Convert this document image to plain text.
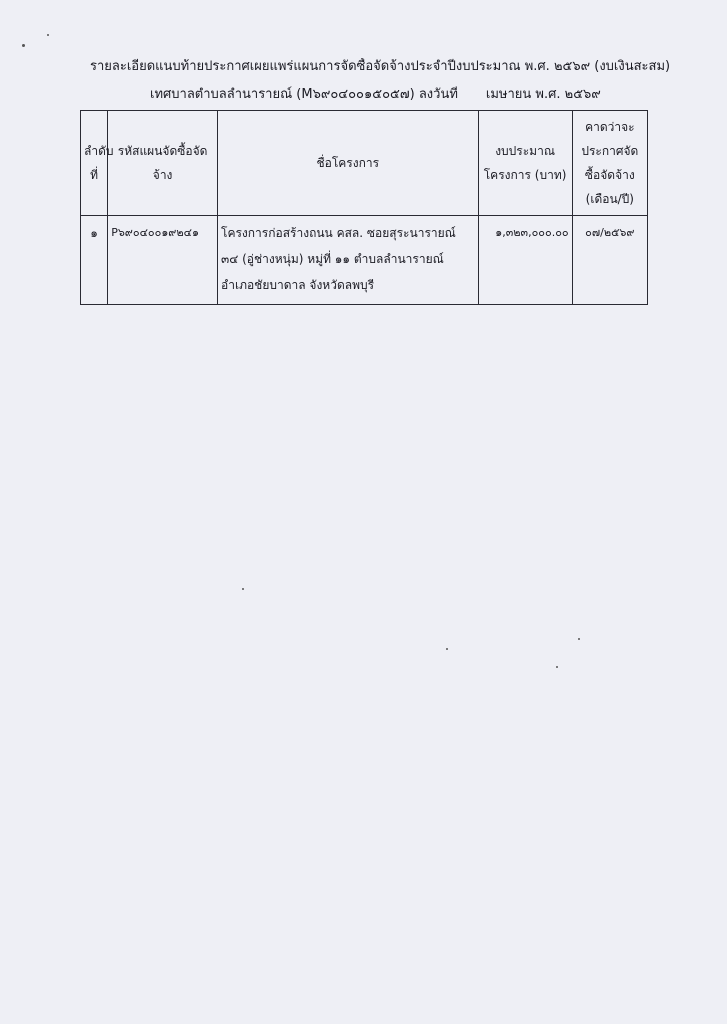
รายละเอียดแนบท้ายประกาศเผยแพร่แผนการจัดซื้อจัดจ้างประจำปีงบประมาณ พ.ศ. ๒๕๖๙ (งบเงินสะสม)
เทศบาลตำบลลำนารายณ์ (M๖๙๐๔๐๐๑๕๐๕๗) ลงวันที่ เมษายน พ.ศ. ๒๕๖๙
ลำดับที่	รหัสแผนจัดซื้อจัดจ้าง	ชื่อโครงการ	งบประมาณโครงการ (บาท)	คาดว่าจะประกาศจัดซื้อจัดจ้าง (เดือน/ปี)
๑	P๖๙๐๔๐๐๑๙๒๔๑	โครงการก่อสร้างถนน คสล. ซอยสุระนารายณ์ ๓๔ (อู่ช่างหนุ่ม) หมู่ที่ ๑๑ ตำบลลำนารายณ์ อำเภอชัยบาดาล จังหวัดลพบุรี	๑,๓๒๓,๐๐๐.๐๐	๐๗/๒๕๖๙
